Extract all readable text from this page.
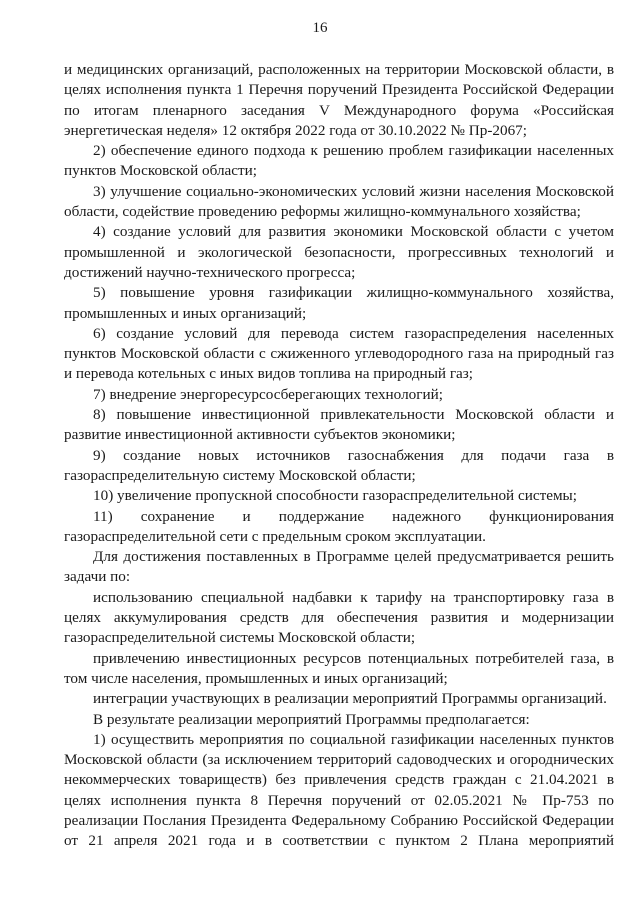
16

и медицинских организаций, расположенных на территории Московской области, в целях исполнения пункта 1 Перечня поручений Президента Российской Федерации по итогам пленарного заседания V Международного форума «Российская энергетическая неделя» 12 октября 2022 года от 30.10.2022 № Пр-2067;

2) обеспечение единого подхода к решению проблем газификации населенных пунктов Московской области;

3) улучшение социально-экономических условий жизни населения Московской области, содействие проведению реформы жилищно-коммунального хозяйства;

4) создание условий для развития экономики Московской области с учетом промышленной и экологической безопасности, прогрессивных технологий и достижений научно-технического прогресса;

5) повышение уровня газификации жилищно-коммунального хозяйства, промышленных и иных организаций;

6) создание условий для перевода систем газораспределения населенных пунктов Московской области с сжиженного углеводородного газа на природный газ и перевода котельных с иных видов топлива на природный газ;

7) внедрение энергоресурсосберегающих технологий;

8) повышение инвестиционной привлекательности Московской области и развитие инвестиционной активности субъектов экономики;

9) создание новых источников газоснабжения для подачи газа в газораспределительную систему Московской области;

10) увеличение пропускной способности газораспределительной системы;

11) сохранение и поддержание надежного функционирования газораспределительной сети с предельным сроком эксплуатации.

Для достижения поставленных в Программе целей предусматривается решить задачи по:

использованию специальной надбавки к тарифу на транспортировку газа в целях аккумулирования средств для обеспечения развития и модернизации газораспределительной системы Московской области;

привлечению инвестиционных ресурсов потенциальных потребителей газа, в том числе населения, промышленных и иных организаций;

интеграции участвующих в реализации мероприятий Программы организаций.

В результате реализации мероприятий Программы предполагается:

1) осуществить мероприятия по социальной газификации населенных пунктов Московской области (за исключением территорий садоводческих и огороднических некоммерческих товариществ) без привлечения средств граждан с 21.04.2021 в целях исполнения пункта 8 Перечня поручений от 02.05.2021 № Пр-753 по реализации Послания Президента Федеральному Собранию Российской Федерации от 21 апреля 2021 года и в соответствии с пунктом 2 Плана мероприятий
